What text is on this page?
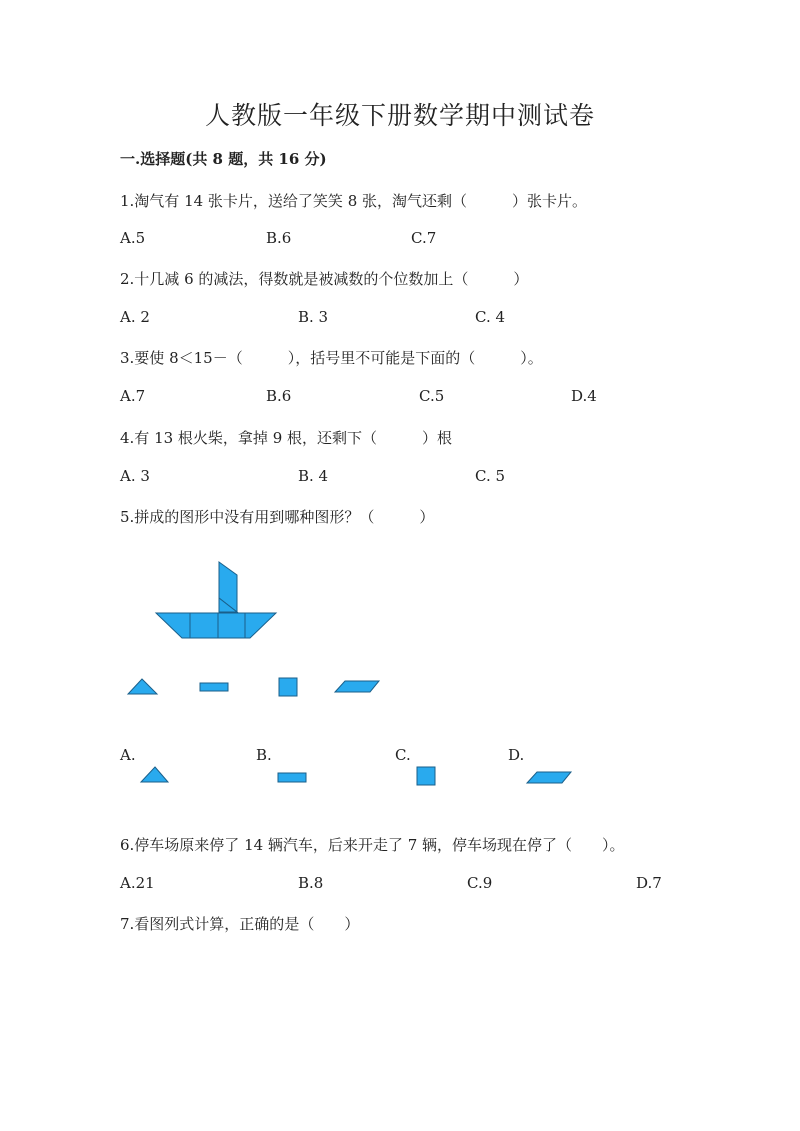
人教版一年级下册数学期中测试卷
一.选择题(共 8 题，共 16 分)
1.淘气有 14 张卡片，送给了笑笑 8 张，淘气还剩（　　　）张卡片。
A.5	B.6	C.7
2.十几减 6 的减法，得数就是被减数的个位数加上（　　　）
A. 2	B. 3	C. 4
3.要使 8＜15－（　　　），括号里不可能是下面的（　　　）。
A.7	B.6	C.5	D.4
4.有 13 根火柴，拿掉 9 根，还剩下（　　　）根
A. 3	B. 4	C. 5
5.拼成的图形中没有用到哪种图形？（　　　）
A.	B.	C.	D.
6.停车场原来停了 14 辆汽车，后来开走了 7 辆，停车场现在停了（　　）。
A.21	B.8	C.9	D.7
7.看图列式计算，正确的是（　　）
